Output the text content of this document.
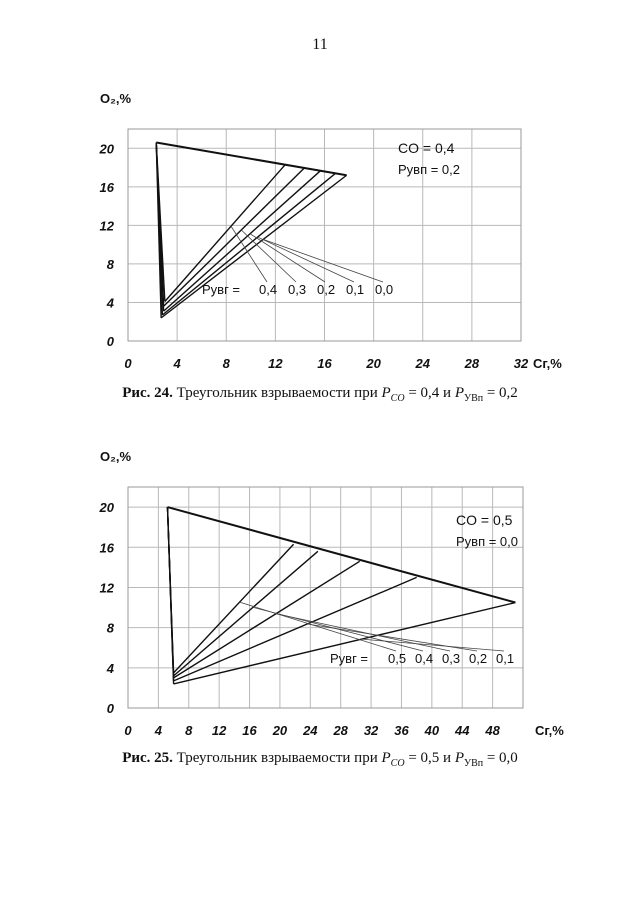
11
0	4	8	12	16	20	24	28	32
0
4
8
12
16
20
O₂,%
Cг,%
Pувг = 0,4 0,3 0,2 0,1 0,0
CO = 0,4
Pувп = 0,2
Рис. 24. Треугольник взрываемости при $P_{CO} = 0,4$ и $P_{УВп} = 0,2$
0 4 8 12 16 20 24 28 32 36 40 44 48
0
4
8
12
16
20
O₂,%
Cг,%
Pувг = 0,5 0,4 0,3 0,2 0,1
CO = 0,5
Pувп = 0,0
Рис. 25. Треугольник взрываемости при $P_{CO} = 0,5$ и $P_{УВп} = 0,0$
